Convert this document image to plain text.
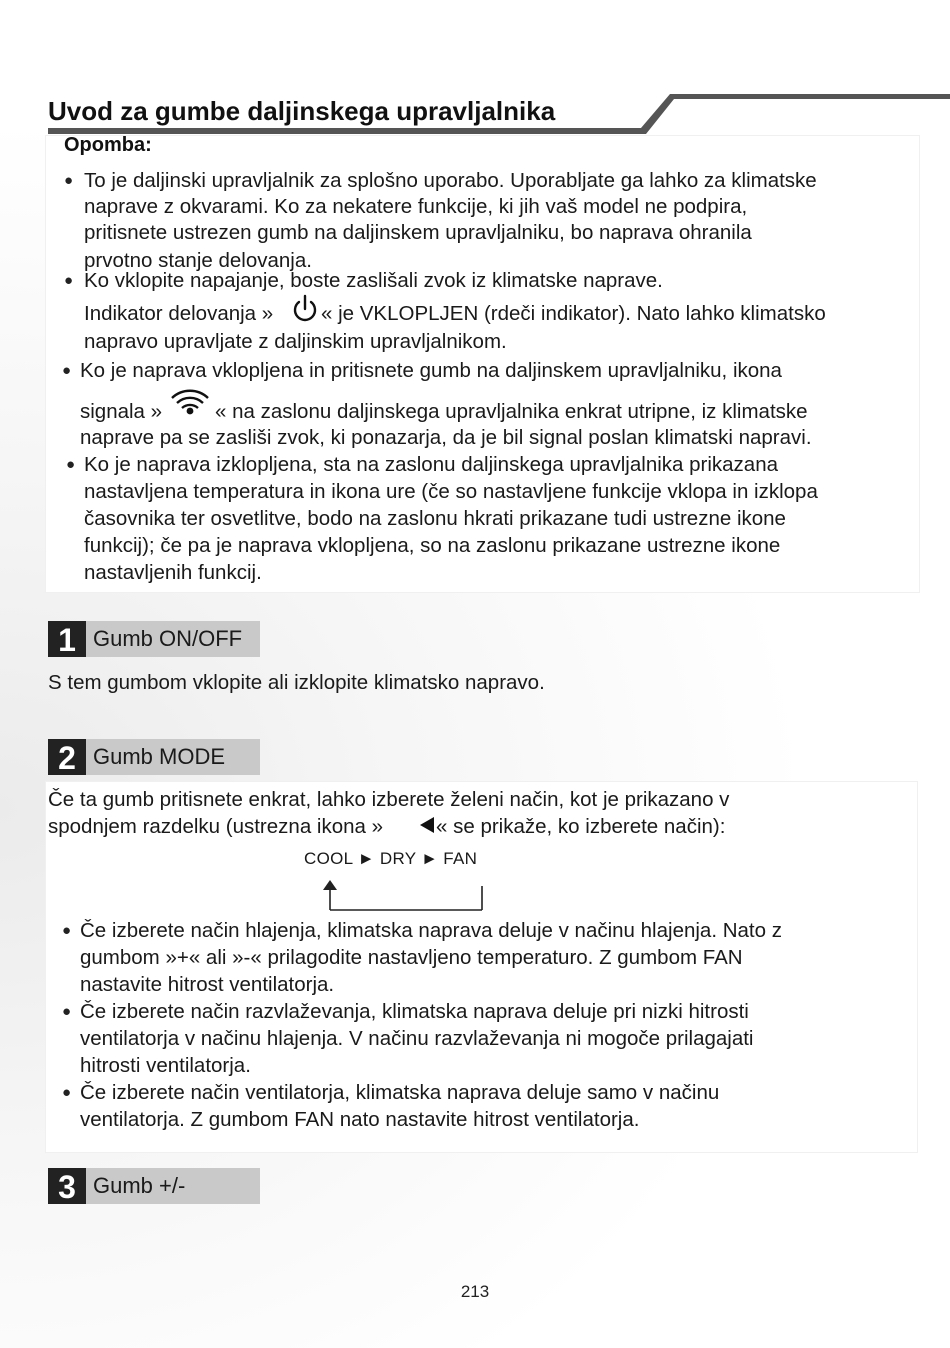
Uvod za gumbe daljinskega upravljalnika
Opomba:
● To je daljinski upravljalnik za splošno uporabo. Uporabljate ga lahko za klimatske
naprave z okvarami. Ko za nekatere funkcije, ki jih vaš model ne podpira,
pritisnete ustrezen gumb na daljinskem upravljalniku, bo naprava ohranila
prvotno stanje delovanja.
● Ko vklopite napajanje, boste zaslišali zvok iz klimatske naprave.
Indikator delovanja » « je VKLOPLJEN (rdeči indikator). Nato lahko klimatsko
napravo upravljate z daljinskim upravljalnikom.
● Ko je naprava vklopljena in pritisnete gumb na daljinskem upravljalniku, ikona
signala »	« na zaslonu daljinskega upravljalnika enkrat utripne, iz klimatske
naprave pa se zasliši zvok, ki ponazarja, da je bil signal poslan klimatski napravi.
● Ko je naprava izklopljena, sta na zaslonu daljinskega upravljalnika prikazana
nastavljena temperatura in ikona ure (če so nastavljene funkcije vklopa in izklopa
časovnika ter osvetlitve, bodo na zaslonu hkrati prikazane tudi ustrezne ikone
funkcij); če pa je naprava vklopljena, so na zaslonu prikazane ustrezne ikone
nastavljenih funkcij.
1 Gumb ON/OFF
S tem gumbom vklopite ali izklopite klimatsko napravo.
2 Gumb MODE
Če ta gumb pritisnete enkrat, lahko izberete želeni način, kot je prikazano v
spodnjem razdelku (ustrezna ikona »	« se prikaže, ko izberete način):
COOL ► DRY ► FAN
● Če izberete način hlajenja, klimatska naprava deluje v načinu hlajenja. Nato z
gumbom »+« ali »-« prilagodite nastavljeno temperaturo. Z gumbom FAN
nastavite hitrost ventilatorja.
● Če izberete način razvlaževanja, klimatska naprava deluje pri nizki hitrosti
ventilatorja v načinu hlajenja. V načinu razvlaževanja ni mogoče prilagajati
hitrosti ventilatorja.
● Če izberete način ventilatorja, klimatska naprava deluje samo v načinu
ventilatorja. Z gumbom FAN nato nastavite hitrost ventilatorja.
3 Gumb +/-
213
